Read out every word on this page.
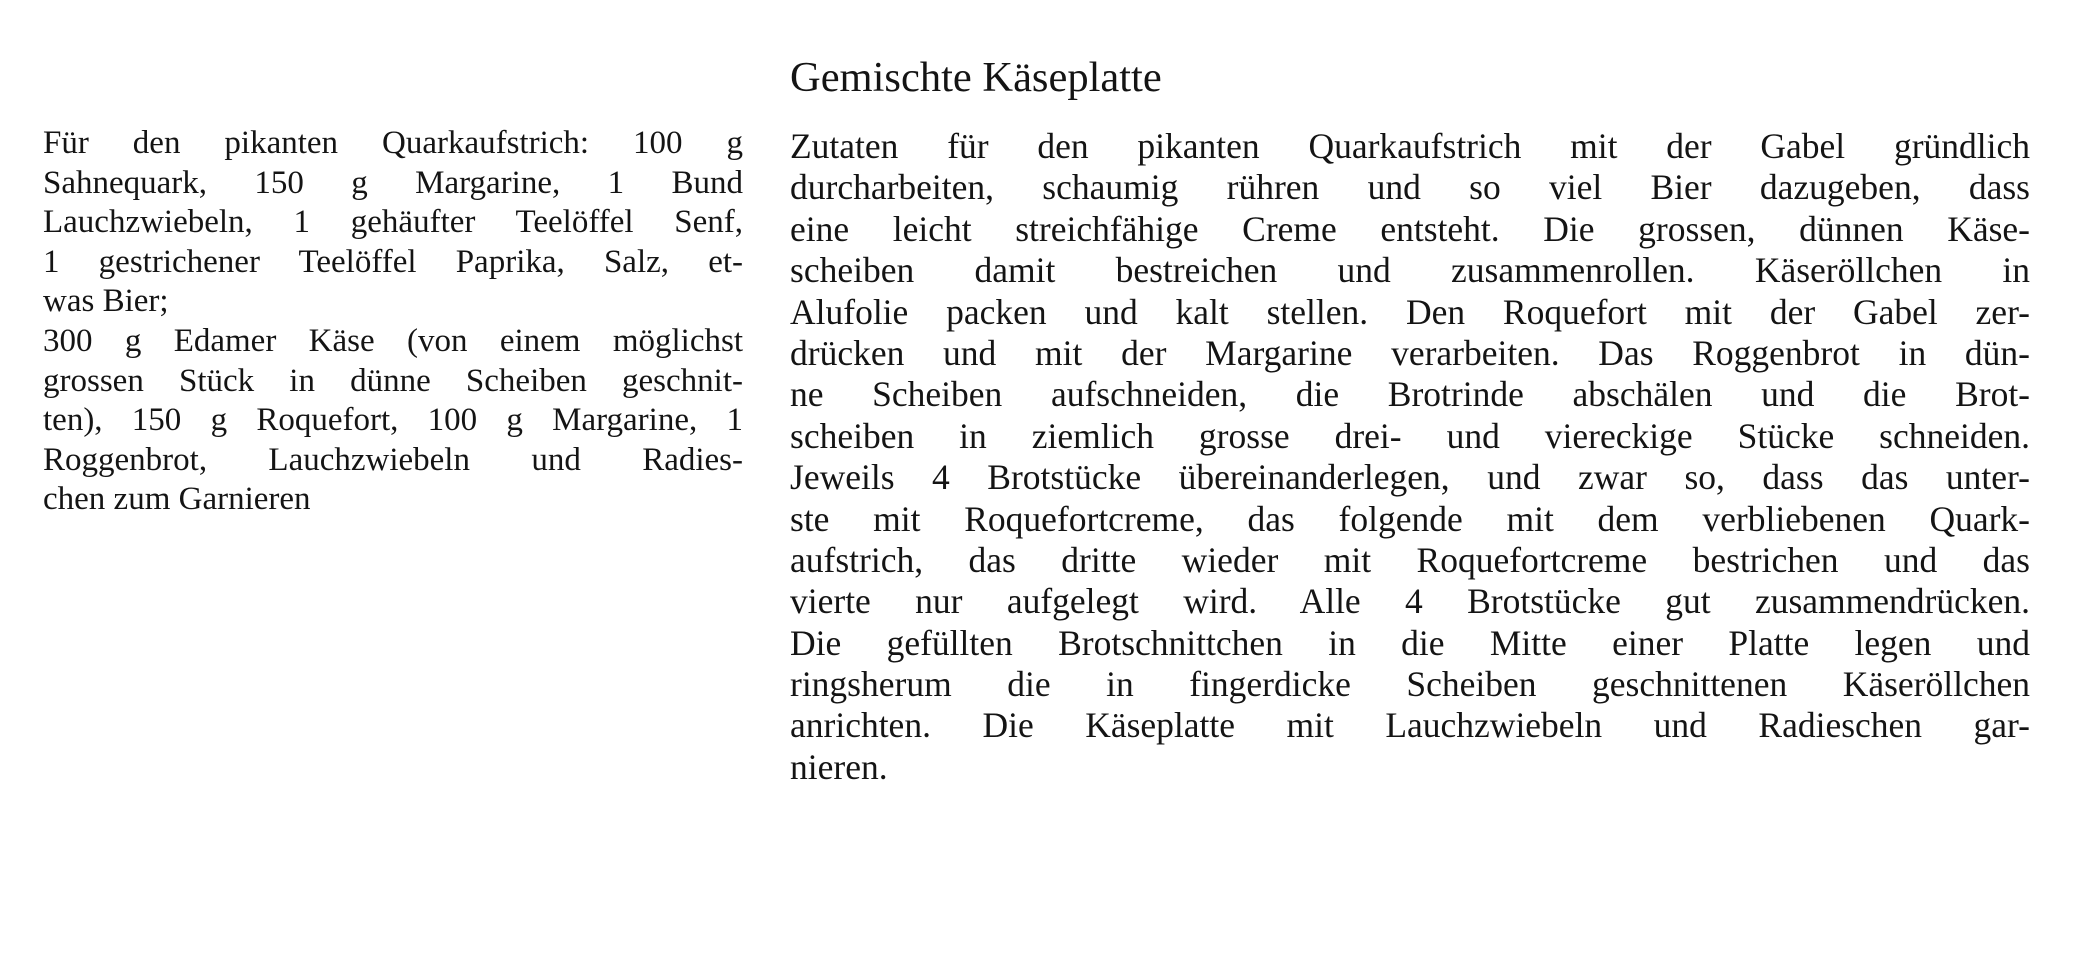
Gemischte Käseplatte
Für den pikanten Quarkaufstrich: 100 g
Sahnequark, 150 g Margarine, 1 Bund
Lauchzwiebeln, 1 gehäufter Teelöffel Senf,
1 gestrichener Teelöffel Paprika, Salz, et-
was Bier;
300 g Edamer Käse (von einem möglichst
grossen Stück in dünne Scheiben geschnit-
ten), 150 g Roquefort, 100 g Margarine, 1
Roggenbrot, Lauchzwiebeln und Radies-
chen zum Garnieren
Zutaten für den pikanten Quarkaufstrich mit der Gabel gründlich
durcharbeiten, schaumig rühren und so viel Bier dazugeben, dass
eine leicht streichfähige Creme entsteht. Die grossen, dünnen Käse-
scheiben damit bestreichen und zusammenrollen. Käseröllchen in
Alufolie packen und kalt stellen. Den Roquefort mit der Gabel zer-
drücken und mit der Margarine verarbeiten. Das Roggenbrot in dün-
ne Scheiben aufschneiden, die Brotrinde abschälen und die Brot-
scheiben in ziemlich grosse drei- und viereckige Stücke schneiden.
Jeweils 4 Brotstücke übereinanderlegen, und zwar so, dass das unter-
ste mit Roquefortcreme, das folgende mit dem verbliebenen Quark-
aufstrich, das dritte wieder mit Roquefortcreme bestrichen und das
vierte nur aufgelegt wird. Alle 4 Brotstücke gut zusammendrücken.
Die gefüllten Brotschnittchen in die Mitte einer Platte legen und
ringsherum die in fingerdicke Scheiben geschnittenen Käseröllchen
anrichten. Die Käseplatte mit Lauchzwiebeln und Radieschen gar-
nieren.
